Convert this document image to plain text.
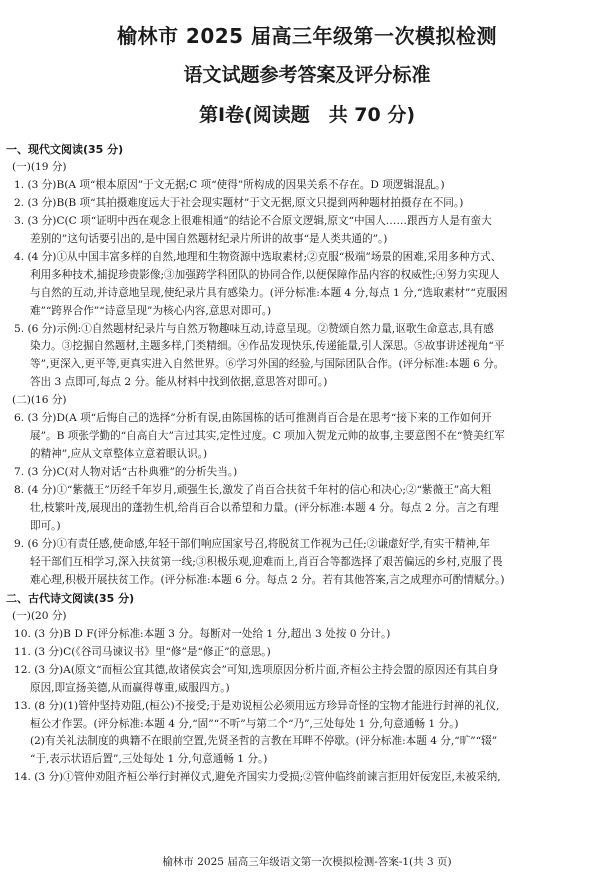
榆林市 2025 届高三年级第一次模拟检测
语文试题参考答案及评分标准
第Ⅰ卷(阅读题　共 70 分)
一、现代文阅读(35 分)
(一)(19 分)
1. (3 分)B(A 项“根本原因”于文无据;C 项“使得”所构成的因果关系不存在。D 项逻辑混乱。)
2. (3 分)B(B 项“其拍摄难度远大于社会现实题材”于文无据,原文只提到两种题材拍摄存在不同。)
3. (3 分)C(C 项“证明中西在观念上很难相通”的结论不合原文逻辑,原文“中国人……跟西方人是有蛮大
差别的”这句话要引出的,是中国自然题材纪录片所讲的故事“是人类共通的”。)
4. (4 分)①从中国丰富多样的自然,地理和生物资源中选取素材;②克服“极端”场景的困难,采用多种方式、
利用多种技术,捕捉珍贵影像;③加强跨学科团队的协同合作,以便保障作品内容的权威性;④努力实现人
与自然的互动,并诗意地呈现,使纪录片具有感染力。(评分标准:本题 4 分,每点 1 分,“选取素材”“克服困
难”“跨界合作”“诗意呈现”为核心内容,意思对即可。)
5. (6 分)示例:①自然题材纪录片与自然万物趣味互动,诗意呈现。②赞颂自然力量,讴歌生命意志,具有感
染力。③挖掘自然题材,主题多样,门类精细。④作品发现快乐,传递能量,引人深思。⑤故事讲述视角“平
等”,更深入,更平等,更真实进入自然世界。⑥学习外国的经验,与国际团队合作。(评分标准:本题 6 分。
答出 3 点即可,每点 2 分。能从材料中找到依据,意思答对即可。)
(二)(16 分)
6. (3 分)D(A 项“后悔自己的选择”分析有误,由陈国栋的话可推测肖百合是在思考“接下来的工作如何开
展”。B 项张学勤的“自高自大”言过其实,定性过度。C 项加入贺龙元帅的故事,主要意图不在“赞美红军
的精神”,应从文章整体立意着眼认识。)
7. (3 分)C(对人物对话“古朴典雅”的分析失当。)
8. (4 分)①“紫薇王”历经千年岁月,顽强生长,激发了肖百合扶贫千年村的信心和决心;②“紫薇王”高大粗
壮,枝繁叶茂,展现出的蓬勃生机,给肖百合以希望和力量。(评分标准:本题 4 分。每点 2 分。言之有理
即可。)
9. (6 分)①有责任感,使命感,年轻干部们响应国家号召,将脱贫工作视为己任;②谦虚好学,有实干精神,年
轻干部们互相学习,深入扶贫第一线;③积极乐观,迎难而上,肖百合等都选择了艰苦偏远的乡村,克服了畏
难心理,积极开展扶贫工作。(评分标准:本题 6 分。每点 2 分。若有其他答案,言之成理亦可酌情赋分。)
二、古代诗文阅读(35 分)
(一)(20 分)
10. (3 分)B D F(评分标准:本题 3 分。每断对一处给 1 分,超出 3 处按 0 分计。)
11. (3 分)C(《谷司马谏议书》里“修”是“修正”的意思。)
12. (3 分)A(原文“而桓公宜其德,故诸侯宾会”可知,选项原因分析片面,齐桓公主持会盟的原因还有其自身
原因,即宣扬美德,从而赢得尊重,威服四方。)
13. (8 分)(1)管仲坚持劝阻,(桓公)不接受;于是劝说桓公必须用远方珍异奇怪的宝物才能进行封禅的礼仪,
桓公才作罢。(评分标准:本题 4 分,“固”“不听”与第二个“乃”,三处每处 1 分,句意通畅 1 分。)
(2)有关礼法制度的典籍不在眼前空置,先贤圣哲的言教在耳畔不停歇。(评分标准:本题 4 分,“旷”“辍”
“于,表示状语后置”,三处每处 1 分,句意通畅 1 分。)
14. (3 分)①管仲劝阻齐桓公举行封禅仪式,避免齐国实力受损;②管仲临终前谏言拒用奸佞宠臣,未被采纳,
榆林市 2025 届高三年级语文第一次模拟检测-答案-1(共 3 页)
